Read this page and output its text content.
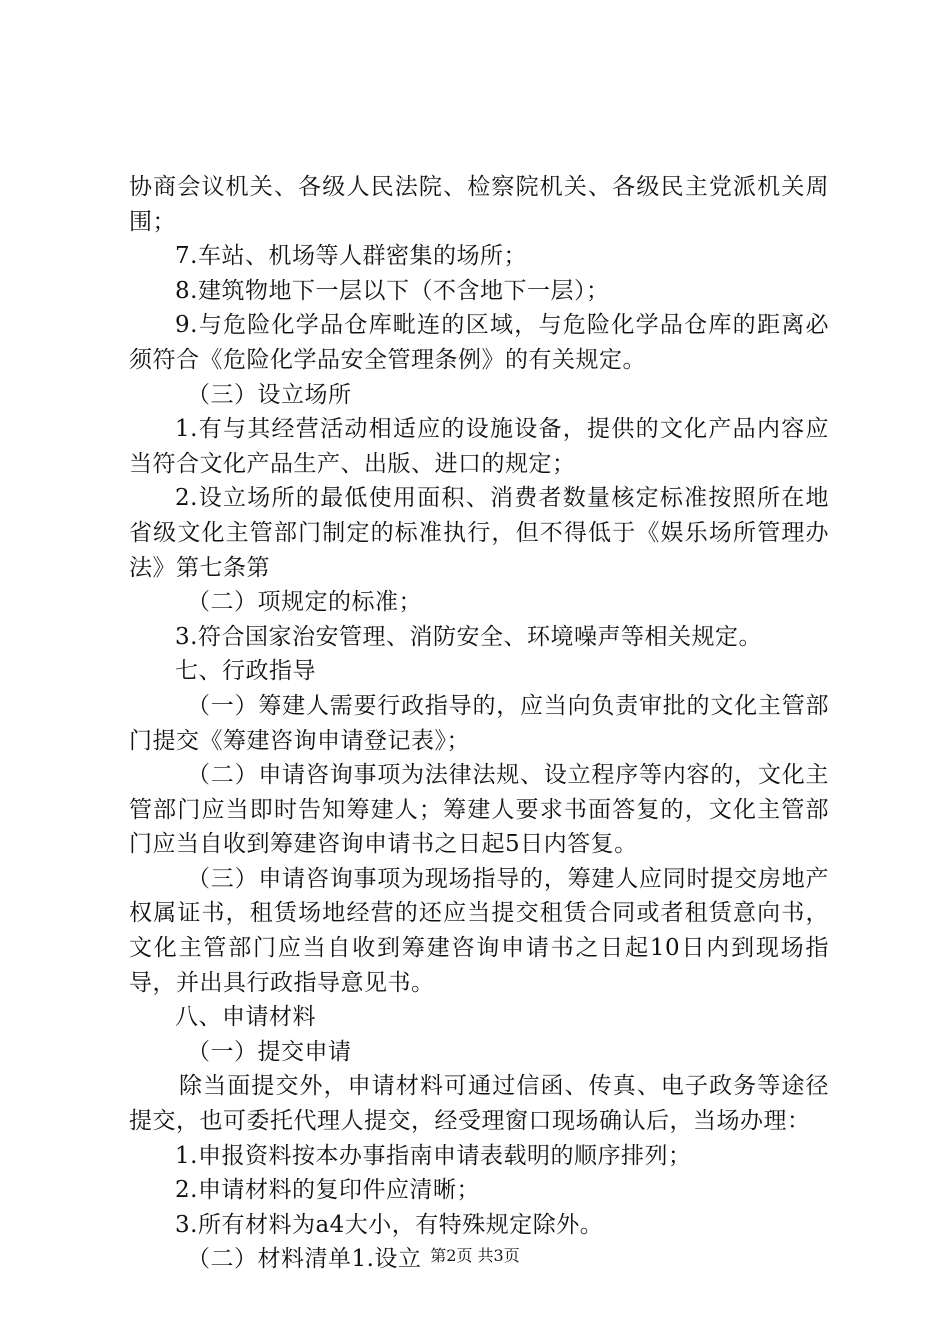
协商会议机关、各级人民法院、检察院机关、各级民主党派机关周围；

7.车站、机场等人群密集的场所；

8.建筑物地下一层以下（不含地下一层）；

9.与危险化学品仓库毗连的区域，与危险化学品仓库的距离必须符合《危险化学品安全管理条例》的有关规定。

（三）设立场所

1.有与其经营活动相适应的设施设备，提供的文化产品内容应当符合文化产品生产、出版、进口的规定；

2.设立场所的最低使用面积、消费者数量核定标准按照所在地省级文化主管部门制定的标准执行，但不得低于《娱乐场所管理办法》第七条第

（二）项规定的标准；

3.符合国家治安管理、消防安全、环境噪声等相关规定。

七、行政指导

（一）筹建人需要行政指导的，应当向负责审批的文化主管部门提交《筹建咨询申请登记表》；

（二）申请咨询事项为法律法规、设立程序等内容的，文化主管部门应当即时告知筹建人；筹建人要求书面答复的，文化主管部门应当自收到筹建咨询申请书之日起5日内答复。

（三）申请咨询事项为现场指导的，筹建人应同时提交房地产权属证书，租赁场地经营的还应当提交租赁合同或者租赁意向书，文化主管部门应当自收到筹建咨询申请书之日起10日内到现场指导，并出具行政指导意见书。

八、申请材料

（一）提交申请

除当面提交外，申请材料可通过信函、传真、电子政务等途径提交，也可委托代理人提交，经受理窗口现场确认后，当场办理：

1.申报资料按本办事指南申请表载明的顺序排列；

2.申请材料的复印件应清晰；

3.所有材料为a4大小，有特殊规定除外。

（二）材料清单1.设立 第2页 共3页
